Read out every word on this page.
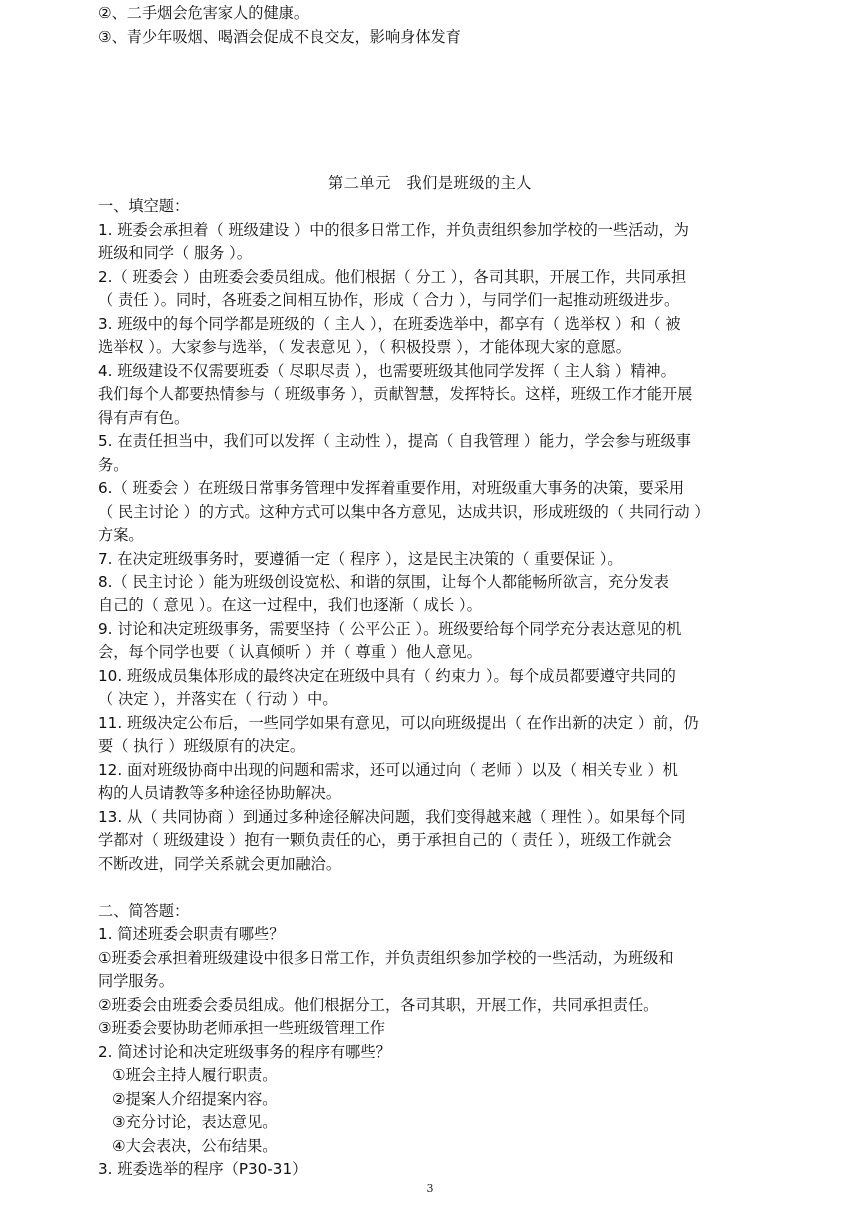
②、二手烟会危害家人的健康。
③、青少年吸烟、喝酒会促成不良交友，影响身体发育
第二单元　我们是班级的主人
一、填空题：
1. 班委会承担着（ 班级建设 ）中的很多日常工作，并负责组织参加学校的一些活动，为
班级和同学（ 服务 ）。
2.（ 班委会 ）由班委会委员组成。他们根据（ 分工 ），各司其职，开展工作，共同承担
（ 责任 ）。同时，各班委之间相互协作，形成（ 合力 ），与同学们一起推动班级进步。
3. 班级中的每个同学都是班级的（ 主人 ），在班委选举中，都享有（ 选举权 ）和（ 被
选举权 ）。大家参与选举，（ 发表意见 ），（ 积极投票 ），才能体现大家的意愿。
4. 班级建设不仅需要班委（ 尽职尽责 ），也需要班级其他同学发挥（ 主人翁 ）精神。
我们每个人都要热情参与（ 班级事务 ），贡献智慧，发挥特长。这样，班级工作才能开展
得有声有色。
5. 在责任担当中，我们可以发挥（ 主动性 ），提高（ 自我管理 ）能力，学会参与班级事
务。
6.（ 班委会 ）在班级日常事务管理中发挥着重要作用，对班级重大事务的决策，要采用
（ 民主讨论 ）的方式。这种方式可以集中各方意见，达成共识，形成班级的（ 共同行动 ）
方案。
7. 在决定班级事务时，要遵循一定（ 程序 ），这是民主决策的（ 重要保证 ）。
8.（ 民主讨论 ）能为班级创设宽松、和谐的氛围，让每个人都能畅所欲言，充分发表
自己的（ 意见 ）。在这一过程中，我们也逐渐（ 成长 ）。
9. 讨论和决定班级事务，需要坚持（ 公平公正 ）。班级要给每个同学充分表达意见的机
会，每个同学也要（ 认真倾听 ）并（ 尊重 ）他人意见。
10. 班级成员集体形成的最终决定在班级中具有（ 约束力 ）。每个成员都要遵守共同的
（ 决定 ），并落实在（ 行动 ）中。
11. 班级决定公布后，一些同学如果有意见，可以向班级提出（ 在作出新的决定 ）前，仍
要（ 执行 ）班级原有的决定。
12. 面对班级协商中出现的问题和需求，还可以通过向（ 老师 ）以及（ 相关专业 ）机
构的人员请教等多种途径协助解决。
13. 从（ 共同协商 ）到通过多种途径解决问题，我们变得越来越（ 理性 ）。如果每个同
学都对（ 班级建设 ）抱有一颗负责任的心，勇于承担自己的（ 责任 ），班级工作就会
不断改进，同学关系就会更加融洽。
二、简答题：
1. 简述班委会职责有哪些？
①班委会承担着班级建设中很多日常工作，并负责组织参加学校的一些活动，为班级和
同学服务。
②班委会由班委会委员组成。他们根据分工，各司其职，开展工作，共同承担责任。
③班委会要协助老师承担一些班级管理工作
2. 简述讨论和决定班级事务的程序有哪些？
①班会主持人履行职责。
②提案人介绍提案内容。
③充分讨论，表达意见。
④大会表决，公布结果。
3. 班委选举的程序（P30-31）
3
